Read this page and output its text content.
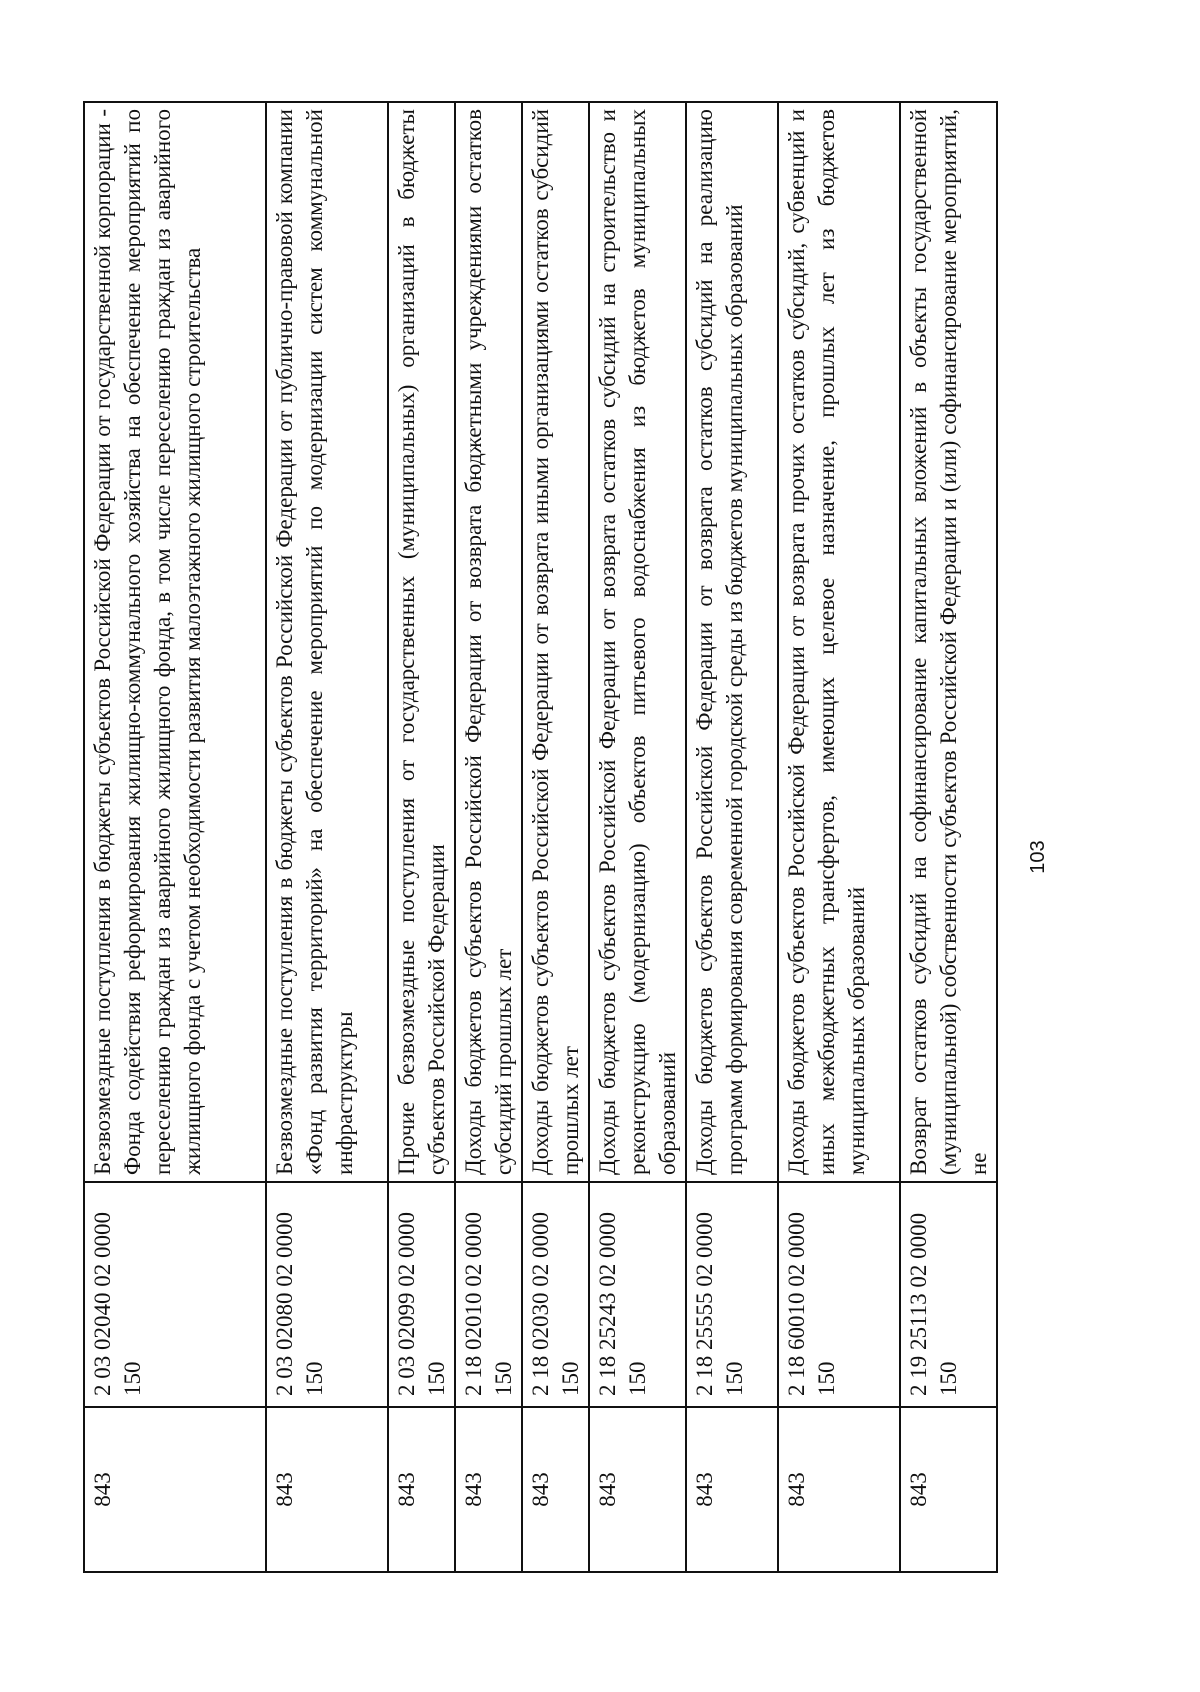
843	2 03 02040 02 0000 150	Безвозмездные поступления в бюджеты субъектов Российской Федерации от государственной корпорации - Фонда содействия реформирования жилищно-коммунального хозяйства на обеспечение мероприятий по переселению граждан из аварийного жилищного фонда, в том числе переселению граждан из аварийного жилищного фонда с учетом необходимости развития малоэтажного жилищного строительства
843	2 03 02080 02 0000 150	Безвозмездные поступления в бюджеты субъектов Российской Федерации от публично-правовой компании «Фонд развития территорий» на обеспечение мероприятий по модернизации систем коммунальной инфраструктуры
843	2 03 02099 02 0000 150	Прочие безвозмездные поступления от государственных (муниципальных) организаций в бюджеты субъектов Российской Федерации
843	2 18 02010 02 0000 150	Доходы бюджетов субъектов Российской Федерации от возврата бюджетными учреждениями остатков субсидий прошлых лет
843	2 18 02030 02 0000 150	Доходы бюджетов субъектов Российской Федерации от возврата иными организациями остатков субсидий прошлых лет
843	2 18 25243 02 0000 150	Доходы бюджетов субъектов Российской Федерации от возврата остатков субсидий на строительство и реконструкцию (модернизацию) объектов питьевого водоснабжения из бюджетов муниципальных образований
843	2 18 25555 02 0000 150	Доходы бюджетов субъектов Российской Федерации от возврата остатков субсидий на реализацию программ формирования современной городской среды из бюджетов муниципальных образований
843	2 18 60010 02 0000 150	Доходы бюджетов субъектов Российской Федерации от возврата прочих остатков субсидий, субвенций и иных межбюджетных трансфертов, имеющих целевое назначение, прошлых лет из бюджетов муниципальных образований
843	2 19 25113 02 0000 150	Возврат остатков субсидий на софинансирование капитальных вложений в объекты государственной (муниципальной) собственности субъектов Российской Федерации и (или) софинансирование мероприятий, не
103
